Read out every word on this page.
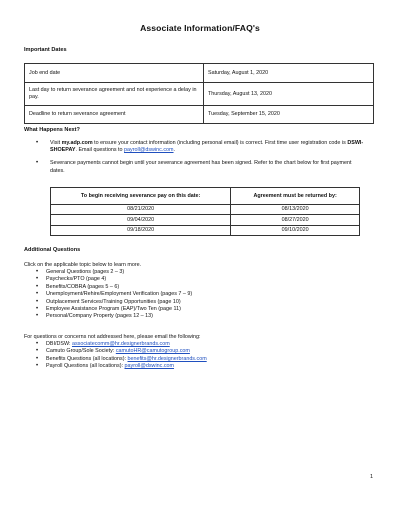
Associate Information/FAQ's
Important Dates
Job end date	Saturday, August 1, 2020
Last day to return severance agreement and not experience a delay in pay.	Thursday, August 13, 2020
Deadline to return severance agreement	Tuesday, September 15, 2020
What Happens Next?
• Visit my.adp.com to ensure your contact information (including personal email) is correct. First time user registration code is DSWI-SHOEPAY. Email questions to payroll@dswinc.com.
• Severance payments cannot begin until your severance agreement has been signed. Refer to the chart below for first payment dates.
To begin receiving severance pay on this date:	Agreement must be returned by:
08/21/2020	08/13/2020
09/04/2020	08/27/2020
09/18/2020	09/10/2020
Additional Questions
Click on the applicable topic below to learn more.
• General Questions (pages 2 – 3)
• Paychecks/PTO (page 4)
• Benefits/COBRA (pages 5 – 6)
• Unemployment/Rehire/Employment Verification (pages 7 – 9)
• Outplacement Services/Training Opportunities (page 10)
• Employee Assistance Program (EAP)/Two Ten (page 11)
• Personal/Company Property (pages 12 – 13)
For questions or concerns not addressed here, please email the following:
• DBI/DSW: associatecomm@hr.designerbrands.com
• Camuto Group/Sole Society: camutoHR@camutogroup.com
• Benefits Questions (all locations): benefits@hr.designerbrands.com
• Payroll Questions (all locations): payroll@dswinc.com
1
